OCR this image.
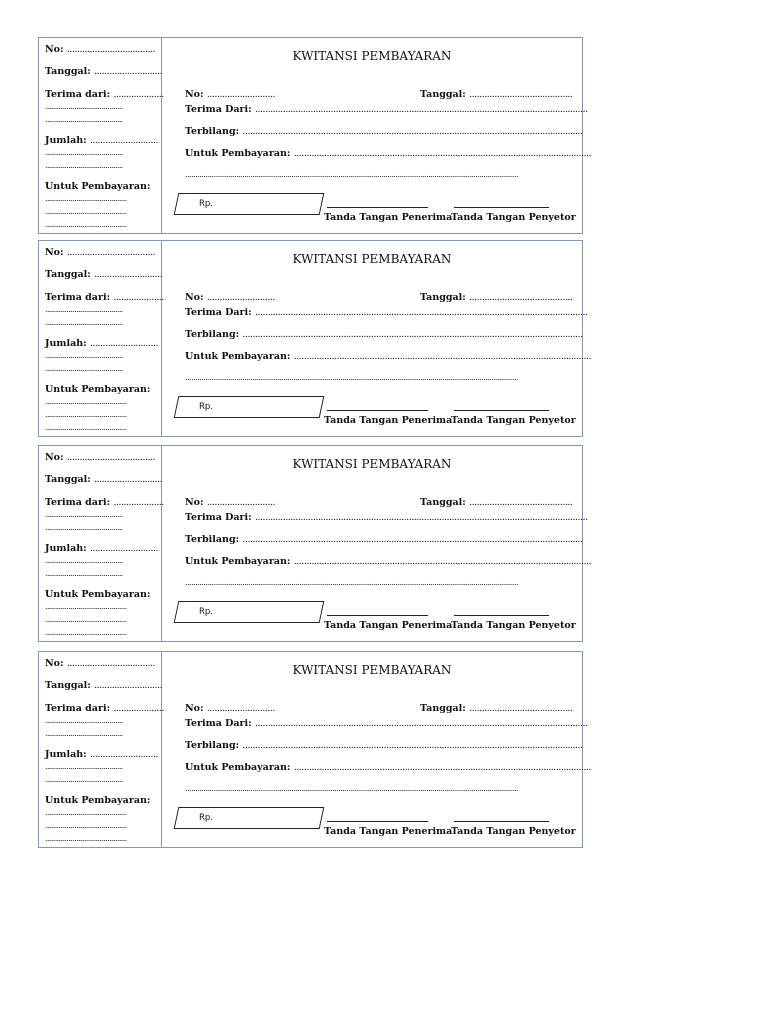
No: ...................................
Tanggal: ...........................
Terima dari: ....................
........................................
........................................
Jumlah: ...........................
........................................
........................................
Untuk Pembayaran:
..........................................
..........................................
..........................................
KWITANSI PEMBAYARAN
No: ...........................	Tanggal: .........................................
Terima Dari: ....................................................................................................................................
Terbilang: .......................................................................................................................................
Untuk Pembayaran: ......................................................................................................................
...................................................................................................................................................................
Rp.
Tanda Tangan Penerima
Tanda Tangan Penyetor
No: ...................................
Tanggal: ...........................
Terima dari: ....................
........................................
........................................
Jumlah: ...........................
........................................
........................................
Untuk Pembayaran:
..........................................
..........................................
..........................................
KWITANSI PEMBAYARAN
No: ...........................	Tanggal: .........................................
Terima Dari: ....................................................................................................................................
Terbilang: .......................................................................................................................................
Untuk Pembayaran: ......................................................................................................................
...................................................................................................................................................................
Rp.
Tanda Tangan Penerima
Tanda Tangan Penyetor
No: ...................................
Tanggal: ...........................
Terima dari: ....................
........................................
........................................
Jumlah: ...........................
........................................
........................................
Untuk Pembayaran:
..........................................
..........................................
..........................................
KWITANSI PEMBAYARAN
No: ...........................	Tanggal: .........................................
Terima Dari: ....................................................................................................................................
Terbilang: .......................................................................................................................................
Untuk Pembayaran: ......................................................................................................................
...................................................................................................................................................................
Rp.
Tanda Tangan Penerima
Tanda Tangan Penyetor
No: ...................................
Tanggal: ...........................
Terima dari: ....................
........................................
........................................
Jumlah: ...........................
........................................
........................................
Untuk Pembayaran:
..........................................
..........................................
..........................................
KWITANSI PEMBAYARAN
No: ...........................	Tanggal: .........................................
Terima Dari: ....................................................................................................................................
Terbilang: .......................................................................................................................................
Untuk Pembayaran: ......................................................................................................................
...................................................................................................................................................................
Rp.
Tanda Tangan Penerima
Tanda Tangan Penyetor
